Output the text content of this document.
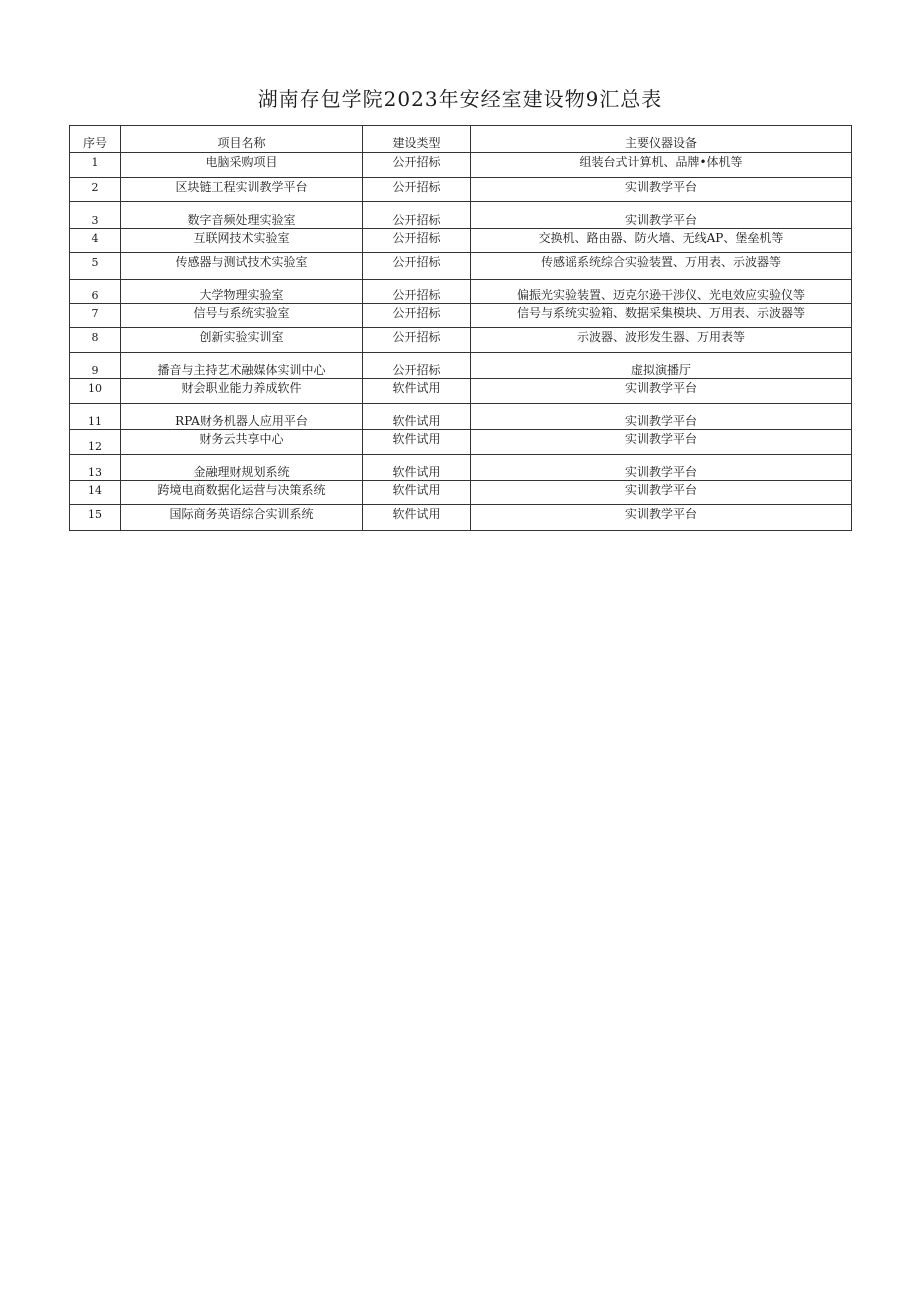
湖南存包学院2023年安经室建设物9汇总表
序号	项目名称	建设类型	主要仪器设备
1	电脑采购项目	公开招标	组装台式计算机、品牌•体机等
2	区块链工程实训教学平台	公开招标	实训教学平台
3	数字音频处理实验室	公开招标	实训教学平台
4	互联网技术实验室	公开招标	交换机、路由器、防火墙、无线AP、堡垒机等
5	传感器与测试技术实验室	公开招标	传感谣系统综合实验装置、万用表、示波器等
6	大学物理实验室	公开招标	偏振光实验装置、迈克尔逊干涉仪、光电效应实验仪等
7	信号与系统实验室	公开招标	信号与系统实验箱、数据采集模块、万用表、示波器等
8	创新实验实训室	公开招标	示波器、波形发生器、万用表等
9	播音与主持艺术融媒体实训中心	公开招标	虚拟演播厅
10	财会职业能力养成软件	软件试用	实训教学平台
11	RPA财务机器人应用平台	软件试用	实训教学平台
12	财务云共享中心	软件试用	实训教学平台
13	金融理财规划系统	软件试用	实训教学平台
14	跨境电商数据化运营与决策系统	软件试用	实训教学平台
15	国际商务英语综合实训系统	软件试用	实训教学平台
